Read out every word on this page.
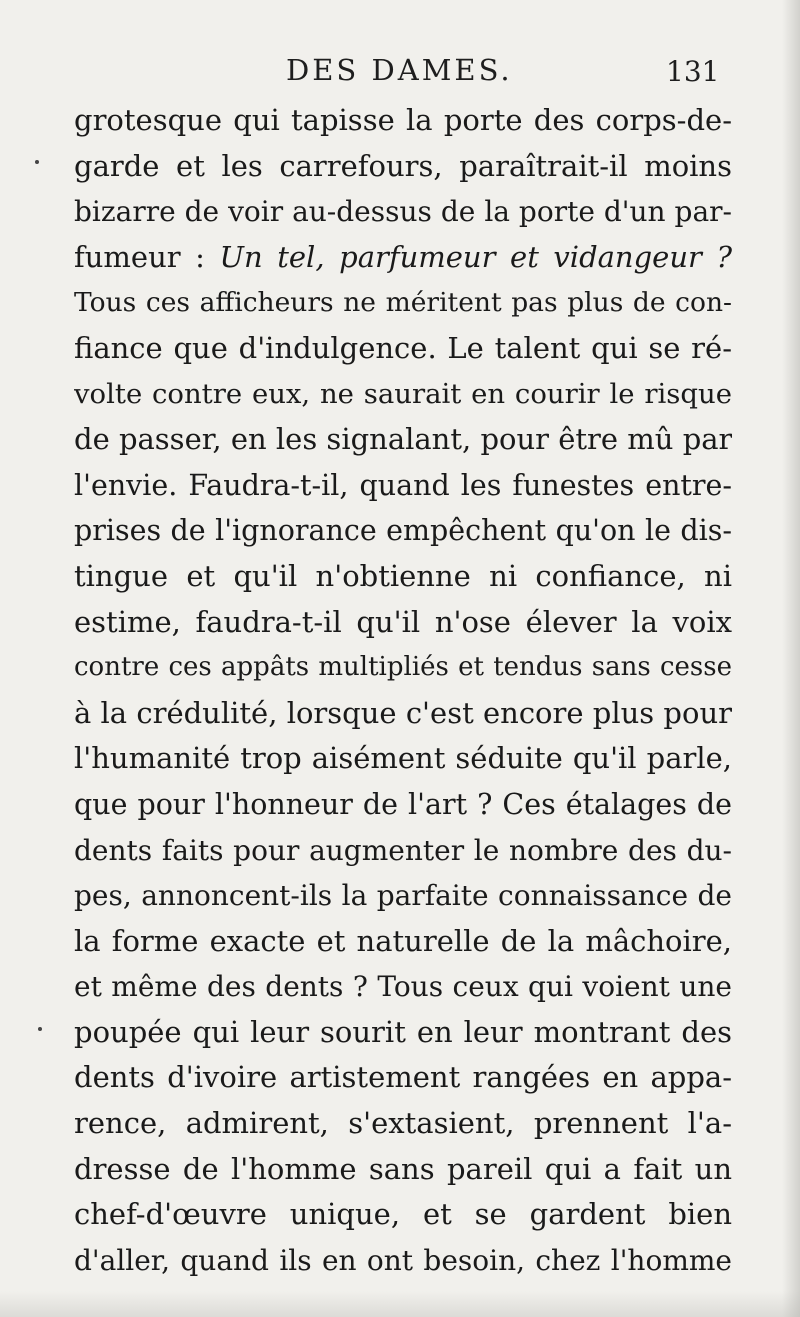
DES DAMES.	131

grotesque qui tapisse la porte des corps-de-
garde et les carrefours, paraîtrait-il moins
bizarre de voir au-dessus de la porte d'un par-
fumeur : Un tel, parfumeur et vidangeur ?
Tous ces afficheurs ne méritent pas plus de con-
fiance que d'indulgence. Le talent qui se ré-
volte contre eux, ne saurait en courir le risque
de passer, en les signalant, pour être mû par
l'envie. Faudra-t-il, quand les funestes entre-
prises de l'ignorance empêchent qu'on le dis-
tingue et qu'il n'obtienne ni confiance, ni
estime, faudra-t-il qu'il n'ose élever la voix
contre ces appâts multipliés et tendus sans cesse
à la crédulité, lorsque c'est encore plus pour
l'humanité trop aisément séduite qu'il parle,
que pour l'honneur de l'art ? Ces étalages de
dents faits pour augmenter le nombre des du-
pes, annoncent-ils la parfaite connaissance de
la forme exacte et naturelle de la mâchoire,
et même des dents ? Tous ceux qui voient une
poupée qui leur sourit en leur montrant des
dents d'ivoire artistement rangées en appa-
rence, admirent, s'extasient, prennent l'a-
dresse de l'homme sans pareil qui a fait un
chef-d'œuvre unique, et se gardent bien
d'aller, quand ils en ont besoin, chez l'homme
